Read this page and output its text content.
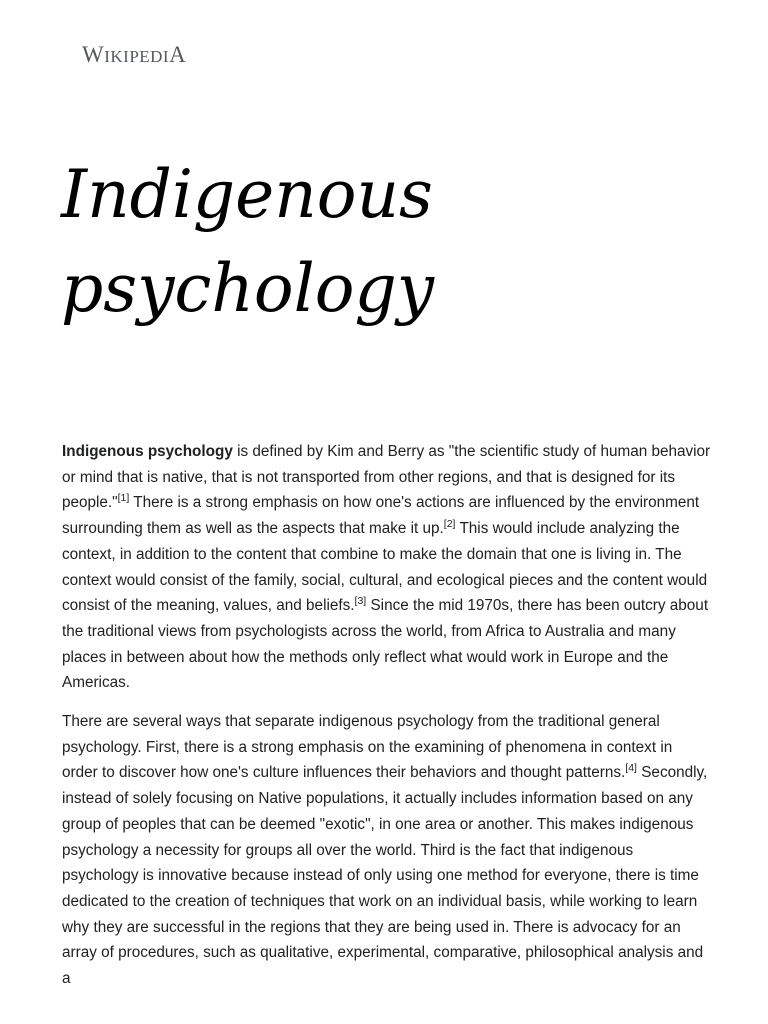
WIKIPEDIA
Indigenous
psychology

Indigenous psychology is defined by Kim and Berry as "the scientific study of human behavior or mind that is native, that is not transported from other regions, and that is designed for its people."[1] There is a strong emphasis on how one's actions are influenced by the environment surrounding them as well as the aspects that make it up.[2] This would include analyzing the context, in addition to the content that combine to make the domain that one is living in. The context would consist of the family, social, cultural, and ecological pieces and the content would consist of the meaning, values, and beliefs.[3] Since the mid 1970s, there has been outcry about the traditional views from psychologists across the world, from Africa to Australia and many places in between about how the methods only reflect what would work in Europe and the Americas.

There are several ways that separate indigenous psychology from the traditional general psychology. First, there is a strong emphasis on the examining of phenomena in context in order to discover how one's culture influences their behaviors and thought patterns.[4] Secondly, instead of solely focusing on Native populations, it actually includes information based on any group of peoples that can be deemed "exotic", in one area or another. This makes indigenous psychology a necessity for groups all over the world. Third is the fact that indigenous psychology is innovative because instead of only using one method for everyone, there is time dedicated to the creation of techniques that work on an individual basis, while working to learn why they are successful in the regions that they are being used in. There is advocacy for an array of procedures, such as qualitative, experimental, comparative, philosophical analysis and a
